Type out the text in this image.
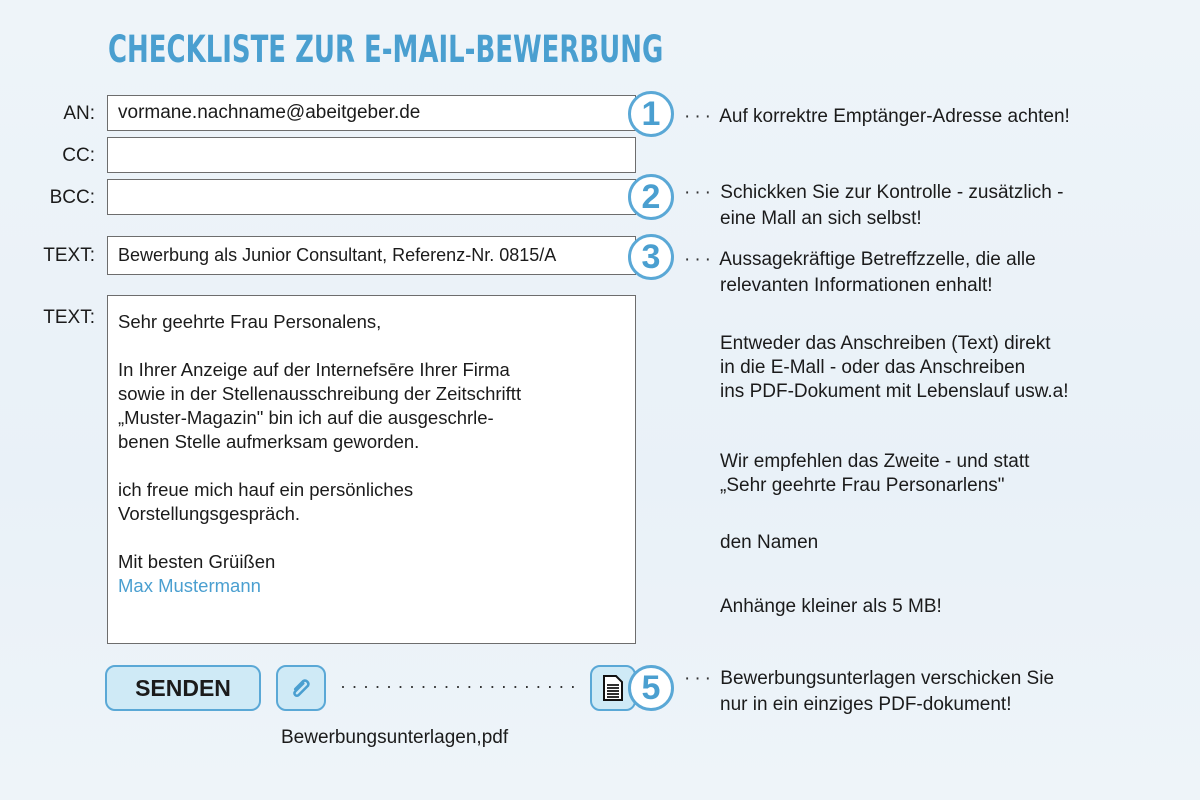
CHECKLISTE ZUR E-MAIL-BEWERBUNG
AN:	vormane.nachname@abeitgeber.de
CC:
BCC:
TEXT:	Bewerbung als Junior Consultant, Referenz-Nr. 0815/A
TEXT: Sehr geehrte Frau Personalens,

In Ihrer Anzeige auf der Internefsēre Ihrer Firma
sowie in der Stellenausschreibung der Zeitschriftt
„Muster-Magazin" bin ich auf die ausgeschrle-
benen Stelle aufmerksam geworden.

ich freue mich hauf ein persönliches
Vorstellungsgespräch.

Mit besten Grüißen
Max Mustermann
1
2
3
··· Auf korrektre Emptänger-Adresse achten!
··· Schickken Sie zur Kontrolle - zusätzlich -
eine Mall an sich selbst!
··· Aussagekräftige Betreffzzelle, die alle
relevanten Informationen enhalt!
Entweder das Anschreiben (Text) direkt
in die E-Mall - oder das Anschreiben
ins PDF-Dokument mit Lebenslauf usw.a!
Wir empfehlen das Zweite - und statt
„Sehr geehrte Frau Personarlens"
den Namen
Anhänge kleiner als 5 MB!
··· Bewerbungsunterlagen verschicken Sie
nur in ein einziges PDF-dokument!
SENDEN	·····················	5
Bewerbungsunterlagen,pdf
